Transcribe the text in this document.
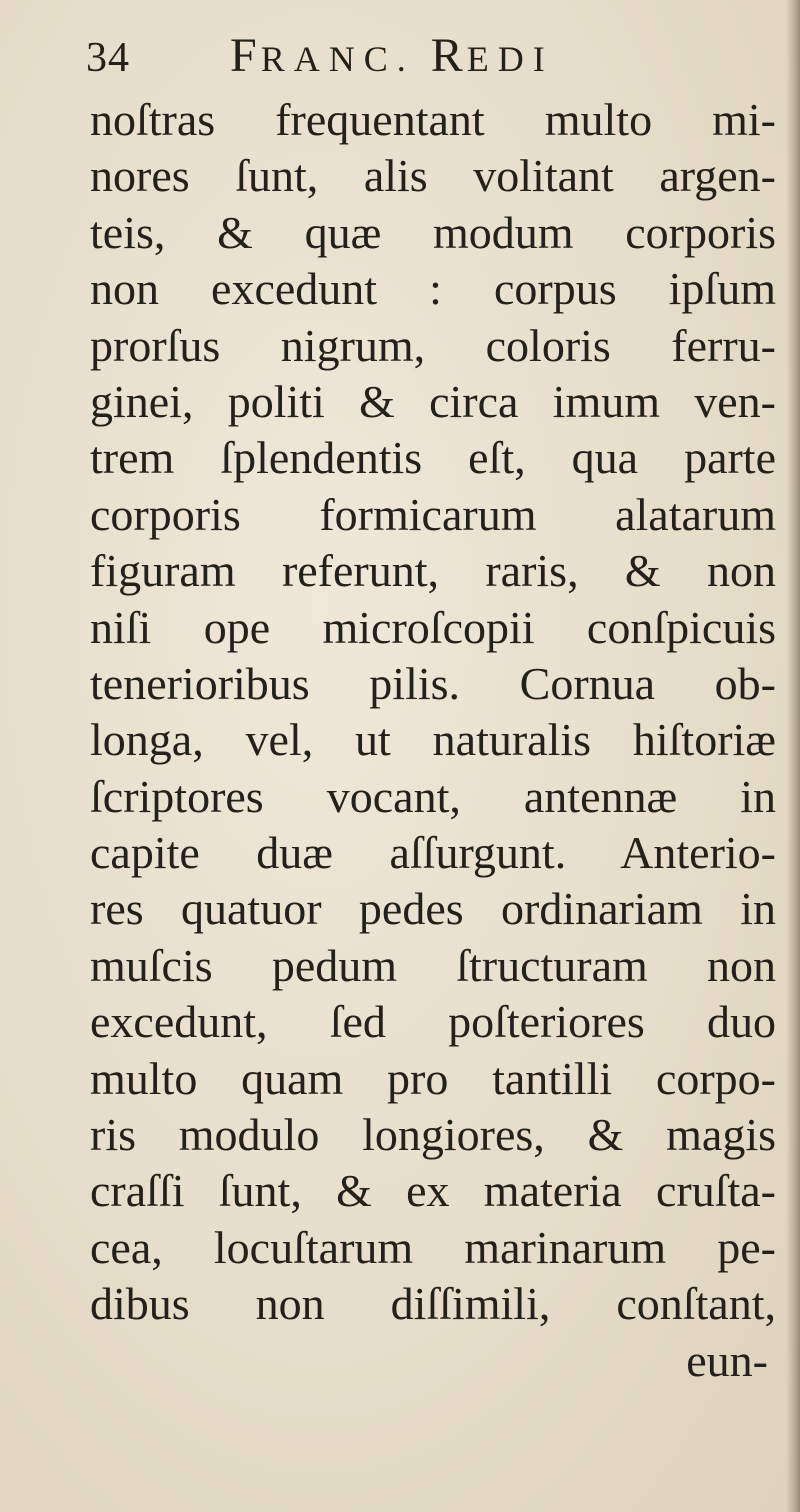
34 FRANC. REDI
noſtras frequentant multo mi-
nores ſunt, alis volitant argen-
teis, & quæ modum corporis
non excedunt : corpus ipſum
prorſus nigrum, coloris ferru-
ginei, politi & circa imum ven-
trem ſplendentis eſt, qua parte
corporis formicarum alatarum
figuram referunt, raris, & non
niſi ope microſcopii conſpicuis
tenerioribus pilis. Cornua ob-
longa, vel, ut naturalis hiſtoriæ
ſcriptores vocant, antennæ in
capite duæ aſſurgunt. Anterio-
res quatuor pedes ordinariam in
muſcis pedum ſtructuram non
excedunt, ſed poſteriores duo
multo quam pro tantilli corpo-
ris modulo longiores, & magis
craſſi ſunt, & ex materia cruſta-
cea, locuſtarum marinarum pe-
dibus non diſſimili, conſtant,
eun-
